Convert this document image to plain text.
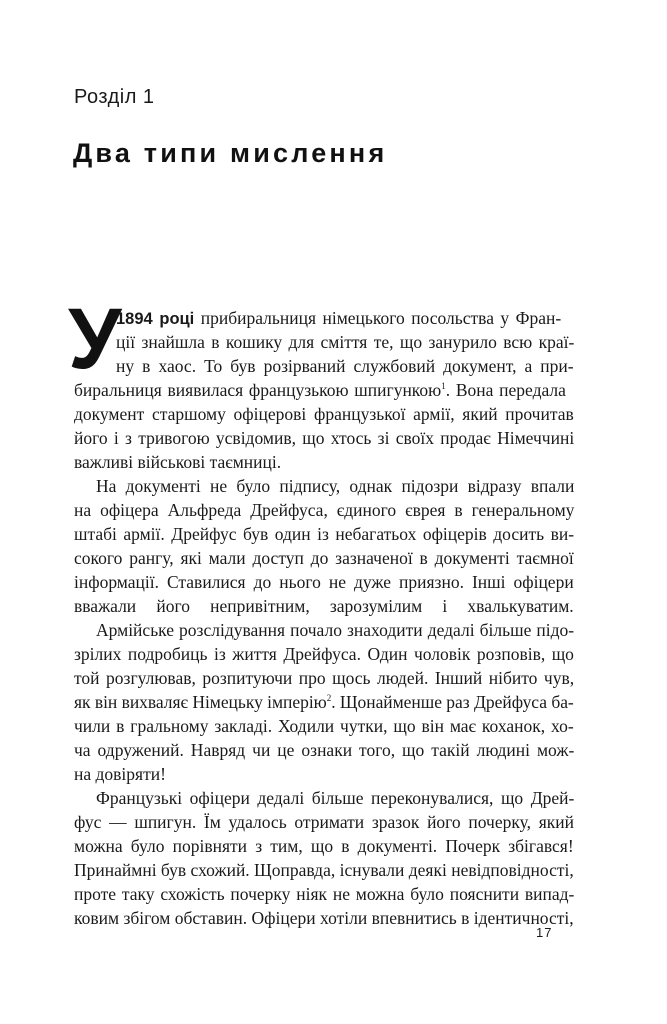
Розділ 1
Два типи мислення
У
1894 році прибиральниця німецького посольства у Фран-
ції знайшла в кошику для сміття те, що занурило всю краї-
ну в хаос. То був розірваний службовий документ, а при-
биральниця виявилася французькою шпигункою$^1$. Вона передала
документ старшому офіцерові французької армії, який прочитав
його і з тривогою усвідомив, що хтось зі своїх продає Німеччині
важливі військові таємниці.
На документі не було підпису, однак підозри відразу впали
на офіцера Альфреда Дрейфуса, єдиного єврея в генеральному
штабі армії. Дрейфус був один із небагатьох офіцерів досить ви-
сокого рангу, які мали доступ до зазначеної в документі таємної
інформації. Ставилися до нього не дуже приязно. Інші офіцери
вважали його непривітним, зарозумілим і хвалькуватим.
Армійське розслідування почало знаходити дедалі більше підо-
зрілих подробиць із життя Дрейфуса. Один чоловік розповів, що
той розгулював, розпитуючи про щось людей. Інший нібито чув,
як він вихваляє Німецьку імперію$^2$. Щонайменше раз Дрейфуса ба-
чили в гральному закладі. Ходили чутки, що він має коханок, хо-
ча одружений. Навряд чи це ознаки того, що такій людині мож-
на довіряти!
Французькі офіцери дедалі більше переконувалися, що Дрей-
фус — шпигун. Їм удалось отримати зразок його почерку, який
можна було порівняти з тим, що в документі. Почерк збігався!
Принаймні був схожий. Щоправда, існували деякі невідповідності,
проте таку схожість почерку ніяк не можна було пояснити випад-
ковим збігом обставин. Офіцери хотіли впевнитись в ідентичності,
17
